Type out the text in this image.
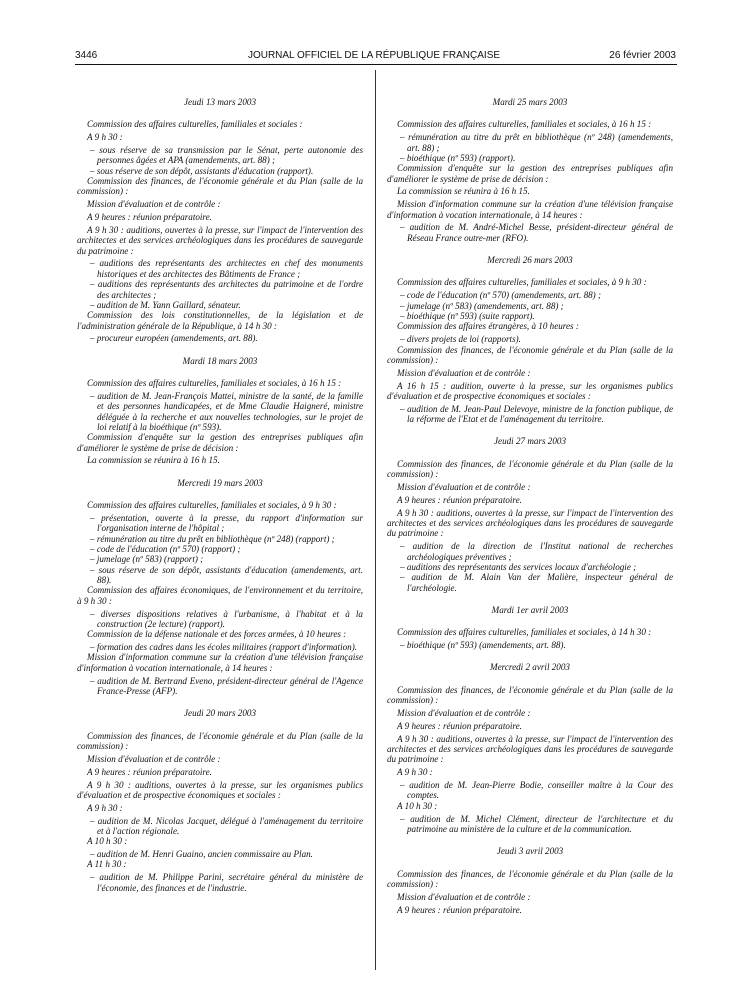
3446	JOURNAL OFFICIEL DE LA RÉPUBLIQUE FRANÇAISE	26 février 2003
Jeudi 13 mars 2003
Commission des affaires culturelles, familiales et sociales :
A 9 h 30 :
– sous réserve de sa transmission par le Sénat, perte autonomie des personnes âgées et APA (amendements, art. 88) ;
– sous réserve de son dépôt, assistants d'éducation (rapport).
Commission des finances, de l'économie générale et du Plan (salle de la commission) :
Mission d'évaluation et de contrôle :
A 9 heures : réunion préparatoire.
A 9 h 30 : auditions, ouvertes à la presse, sur l'impact de l'intervention des architectes et des services archéologiques dans les procédures de sauvegarde du patrimoine :
– auditions des représentants des architectes en chef des monuments historiques et des architectes des Bâtiments de France ;
– auditions des représentants des architectes du patrimoine et de l'ordre des architectes ;
– audition de M. Yann Gaillard, sénateur.
Commission des lois constitutionnelles, de la législation et de l'administration générale de la République, à 14 h 30 :
– procureur européen (amendements, art. 88).
Mardi 18 mars 2003
Commission des affaires culturelles, familiales et sociales, à 16 h 15 :
– audition de M. Jean-François Mattei, ministre de la santé, de la famille et des personnes handicapées, et de Mme Claudie Haigneré, ministre déléguée à la recherche et aux nouvelles technologies, sur le projet de loi relatif à la bioéthique (nº 593).
Commission d'enquête sur la gestion des entreprises publiques afin d'améliorer le système de prise de décision :
La commission se réunira à 16 h 15.
Mercredi 19 mars 2003
Commission des affaires culturelles, familiales et sociales, à 9 h 30 :
– présentation, ouverte à la presse, du rapport d'information sur l'organisation interne de l'hôpital ;
– rémunération au titre du prêt en bibliothèque (nº 248) (rapport) ;
– code de l'éducation (nº 570) (rapport) ;
– jumelage (nº 583) (rapport) ;
– sous réserve de son dépôt, assistants d'éducation (amendements, art. 88).
Commission des affaires économiques, de l'environnement et du territoire, à 9 h 30 :
– diverses dispositions relatives à l'urbanisme, à l'habitat et à la construction (2e lecture) (rapport).
Commission de la défense nationale et des forces armées, à 10 heures :
– formation des cadres dans les écoles militaires (rapport d'information).
Mission d'information commune sur la création d'une télévision française d'information à vocation internationale, à 14 heures :
– audition de M. Bertrand Eveno, président-directeur général de l'Agence France-Presse (AFP).
Jeudi 20 mars 2003
Commission des finances, de l'économie générale et du Plan (salle de la commission) :
Mission d'évaluation et de contrôle :
A 9 heures : réunion préparatoire.
A 9 h 30 : auditions, ouvertes à la presse, sur les organismes publics d'évaluation et de prospective économiques et sociales :
A 9 h 30 :
– audition de M. Nicolas Jacquet, délégué à l'aménagement du territoire et à l'action régionale.
A 10 h 30 :
– audition de M. Henri Guaino, ancien commissaire au Plan.
A 11 h 30 :
– audition de M. Philippe Parini, secrétaire général du ministère de l'économie, des finances et de l'industrie.
Mardi 25 mars 2003
Commission des affaires culturelles, familiales et sociales, à 16 h 15 :
– rémunération au titre du prêt en bibliothèque (nº 248) (amendements, art. 88) ;
– bioéthique (nº 593) (rapport).
Commission d'enquête sur la gestion des entreprises publiques afin d'améliorer le système de prise de décision :
La commission se réunira à 16 h 15.
Mission d'information commune sur la création d'une télévision française d'information à vocation internationale, à 14 heures :
– audition de M. André-Michel Besse, président-directeur général de Réseau France outre-mer (RFO).
Mercredi 26 mars 2003
Commission des affaires culturelles, familiales et sociales, à 9 h 30 :
– code de l'éducation (nº 570) (amendements, art. 88) ;
– jumelage (nº 583) (amendements, art. 88) ;
– bioéthique (nº 593) (suite rapport).
Commission des affaires étrangères, à 10 heures :
– divers projets de loi (rapports).
Commission des finances, de l'économie générale et du Plan (salle de la commission) :
Mission d'évaluation et de contrôle :
A 16 h 15 : audition, ouverte à la presse, sur les organismes publics d'évaluation et de prospective économiques et sociales :
– audition de M. Jean-Paul Delevoye, ministre de la fonction publique, de la réforme de l'Etat et de l'aménagement du territoire.
Jeudi 27 mars 2003
Commission des finances, de l'économie générale et du Plan (salle de la commission) :
Mission d'évaluation et de contrôle :
A 9 heures : réunion préparatoire.
A 9 h 30 : auditions, ouvertes à la presse, sur l'impact de l'intervention des architectes et des services archéologiques dans les procédures de sauvegarde du patrimoine :
– audition de la direction de l'Institut national de recherches archéologiques préventives ;
– auditions des représentants des services locaux d'archéologie ;
– audition de M. Alain Van der Malière, inspecteur général de l'archéologie.
Mardi 1er avril 2003
Commission des affaires culturelles, familiales et sociales, à 14 h 30 :
– bioéthique (nº 593) (amendements, art. 88).
Mercredi 2 avril 2003
Commission des finances, de l'économie générale et du Plan (salle de la commission) :
Mission d'évaluation et de contrôle :
A 9 heures : réunion préparatoire.
A 9 h 30 : auditions, ouvertes à la presse, sur l'impact de l'intervention des architectes et des services archéologiques dans les procédures de sauvegarde du patrimoine :
A 9 h 30 :
– audition de M. Jean-Pierre Bodie, conseiller maître à la Cour des comptes.
A 10 h 30 :
– audition de M. Michel Clément, directeur de l'architecture et du patrimoine au ministère de la culture et de la communication.
Jeudi 3 avril 2003
Commission des finances, de l'économie générale et du Plan (salle de la commission) :
Mission d'évaluation et de contrôle :
A 9 heures : réunion préparatoire.
